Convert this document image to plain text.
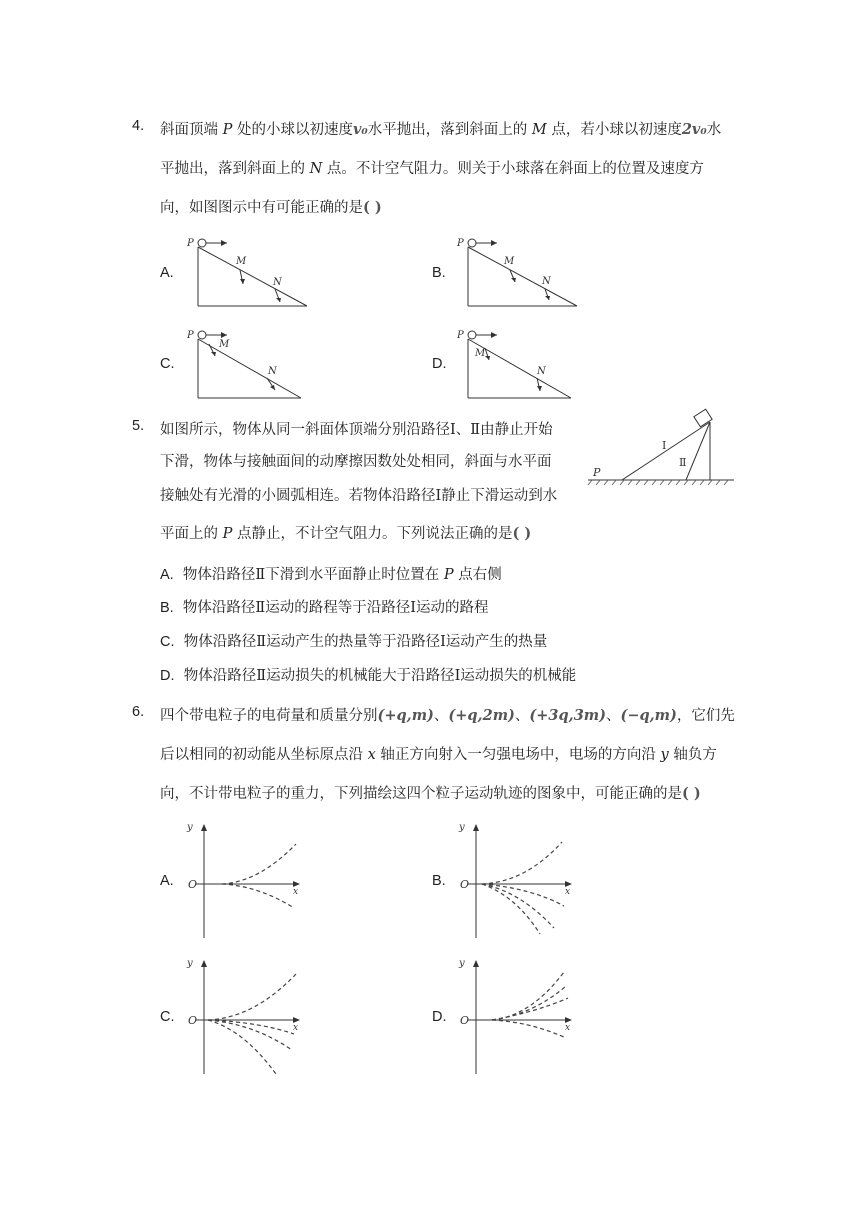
4. 斜面顶端 P 处的小球以初速度v₀水平抛出，落到斜面上的 M 点，若小球以初速度2v₀水
平抛出，落到斜面上的 N 点。不计空气阻力。则关于小球落在斜面上的位置及速度方
向，如图图示中有可能正确的是( )
A.	B.
C.	D.
P
M
N
P
M
N
P
M
N
M
P
N
5. 如图所示，物体从同一斜面体顶端分别沿路径Ⅰ、Ⅱ由静止开始
下滑，物体与接触面间的动摩擦因数处处相同，斜面与水平面
接触处有光滑的小圆弧相连。若物体沿路径Ⅰ静止下滑运动到水
平面上的 P 点静止，不计空气阻力。下列说法正确的是( )
Ⅰ
Ⅱ
P
A. 物体沿路径Ⅱ下滑到水平面静止时位置在 P 点右侧
B. 物体沿路径Ⅱ运动的路程等于沿路径Ⅰ运动的路程
C. 物体沿路径Ⅱ运动产生的热量等于沿路径Ⅰ运动产生的热量
D. 物体沿路径Ⅱ运动损失的机械能大于沿路径Ⅰ运动损失的机械能
6. 四个带电粒子的电荷量和质量分别(+q,m)、(+q,2m)、(+3q,3m)、(−q,m)，它们先
后以相同的初动能从坐标原点沿 x 轴正方向射入一匀强电场中，电场的方向沿 y 轴负方
向，不计带电粒子的重力，下列描绘这四个粒子运动轨迹的图象中，可能正确的是( )
A.	B.
C.	D.
O
y
x
O
y
x
O
y
x
O
y
x
